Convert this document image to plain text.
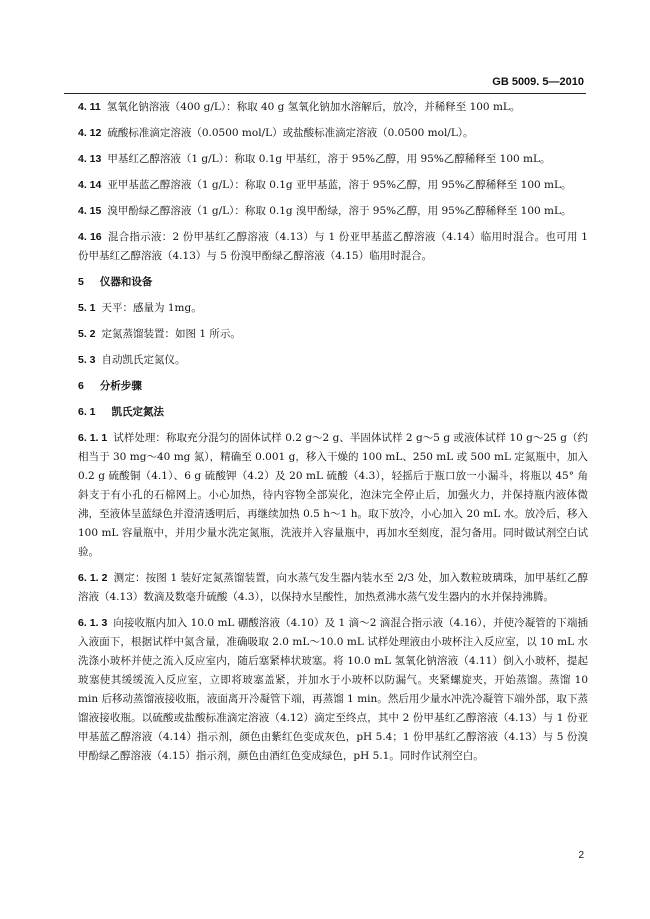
GB 5009. 5—2010

4. 11 氢氧化钠溶液（400 g/L）：称取 40 g 氢氧化钠加水溶解后，放冷，并稀释至 100 mL。

4. 12 硫酸标准滴定溶液（0.0500 mol/L）或盐酸标准滴定溶液（0.0500 mol/L）。

4. 13 甲基红乙醇溶液（1 g/L）：称取 0.1g 甲基红，溶于 95%乙醇，用 95%乙醇稀释至 100 mL。

4. 14 亚甲基蓝乙醇溶液（1 g/L）：称取 0.1g 亚甲基蓝，溶于 95%乙醇，用 95%乙醇稀释至 100 mL。

4. 15 溴甲酚绿乙醇溶液（1 g/L）：称取 0.1g 溴甲酚绿，溶于 95%乙醇，用 95%乙醇稀释至 100 mL。

4. 16 混合指示液：2 份甲基红乙醇溶液（4.13）与 1 份亚甲基蓝乙醇溶液（4.14）临用时混合。也可用 1 份甲基红乙醇溶液（4.13）与 5 份溴甲酚绿乙醇溶液（4.15）临用时混合。

5 仪器和设备

5. 1 天平：感量为 1mg。

5. 2 定氮蒸馏装置：如图 1 所示。

5. 3 自动凯氏定氮仪。

6 分析步骤

6. 1 凯氏定氮法

6. 1. 1 试样处理：称取充分混匀的固体试样 0.2 g～2 g、半固体试样 2 g～5 g 或液体试样 10 g～25 g（约相当于 30 mg～40 mg 氮），精确至 0.001 g，移入干燥的 100 mL、250 mL 或 500 mL 定氮瓶中，加入 0.2 g 硫酸铜（4.1）、6 g 硫酸钾（4.2）及 20 mL 硫酸（4.3），轻摇后于瓶口放一小漏斗，将瓶以 45° 角斜支于有小孔的石棉网上。小心加热，待内容物全部炭化，泡沫完全停止后，加强火力，并保持瓶内液体微沸，至液体呈蓝绿色并澄清透明后，再继续加热 0.5 h～1 h。取下放冷，小心加入 20 mL 水。放冷后，移入 100 mL 容量瓶中，并用少量水洗定氮瓶，洗液并入容量瓶中，再加水至刻度，混匀备用。同时做试剂空白试验。

6. 1. 2 测定：按图 1 装好定氮蒸馏装置，向水蒸气发生器内装水至 2/3 处，加入数粒玻璃珠，加甲基红乙醇溶液（4.13）数滴及数毫升硫酸（4.3），以保持水呈酸性，加热煮沸水蒸气发生器内的水并保持沸腾。

6. 1. 3 向接收瓶内加入 10.0 mL 硼酸溶液（4.10）及 1 滴～2 滴混合指示液（4.16），并使冷凝管的下端插入液面下，根据试样中氮含量，准确吸取 2.0 mL～10.0 mL 试样处理液由小玻杯注入反应室，以 10 mL 水洗涤小玻杯并使之流入反应室内，随后塞紧棒状玻塞。将 10.0 mL 氢氧化钠溶液（4.11）倒入小玻杯，提起玻塞使其缓缓流入反应室，立即将玻塞盖紧，并加水于小玻杯以防漏气。夹紧螺旋夹，开始蒸馏。蒸馏 10 min 后移动蒸馏液接收瓶，液面离开冷凝管下端，再蒸馏 1 min。然后用少量水冲洗冷凝管下端外部，取下蒸馏液接收瓶。以硫酸或盐酸标准滴定溶液（4.12）滴定至终点，其中 2 份甲基红乙醇溶液（4.13）与 1 份亚甲基蓝乙醇溶液（4.14）指示剂，颜色由紫红色变成灰色，pH 5.4；1 份甲基红乙醇溶液（4.13）与 5 份溴甲酚绿乙醇溶液（4.15）指示剂，颜色由酒红色变成绿色，pH 5.1。同时作试剂空白。

2
